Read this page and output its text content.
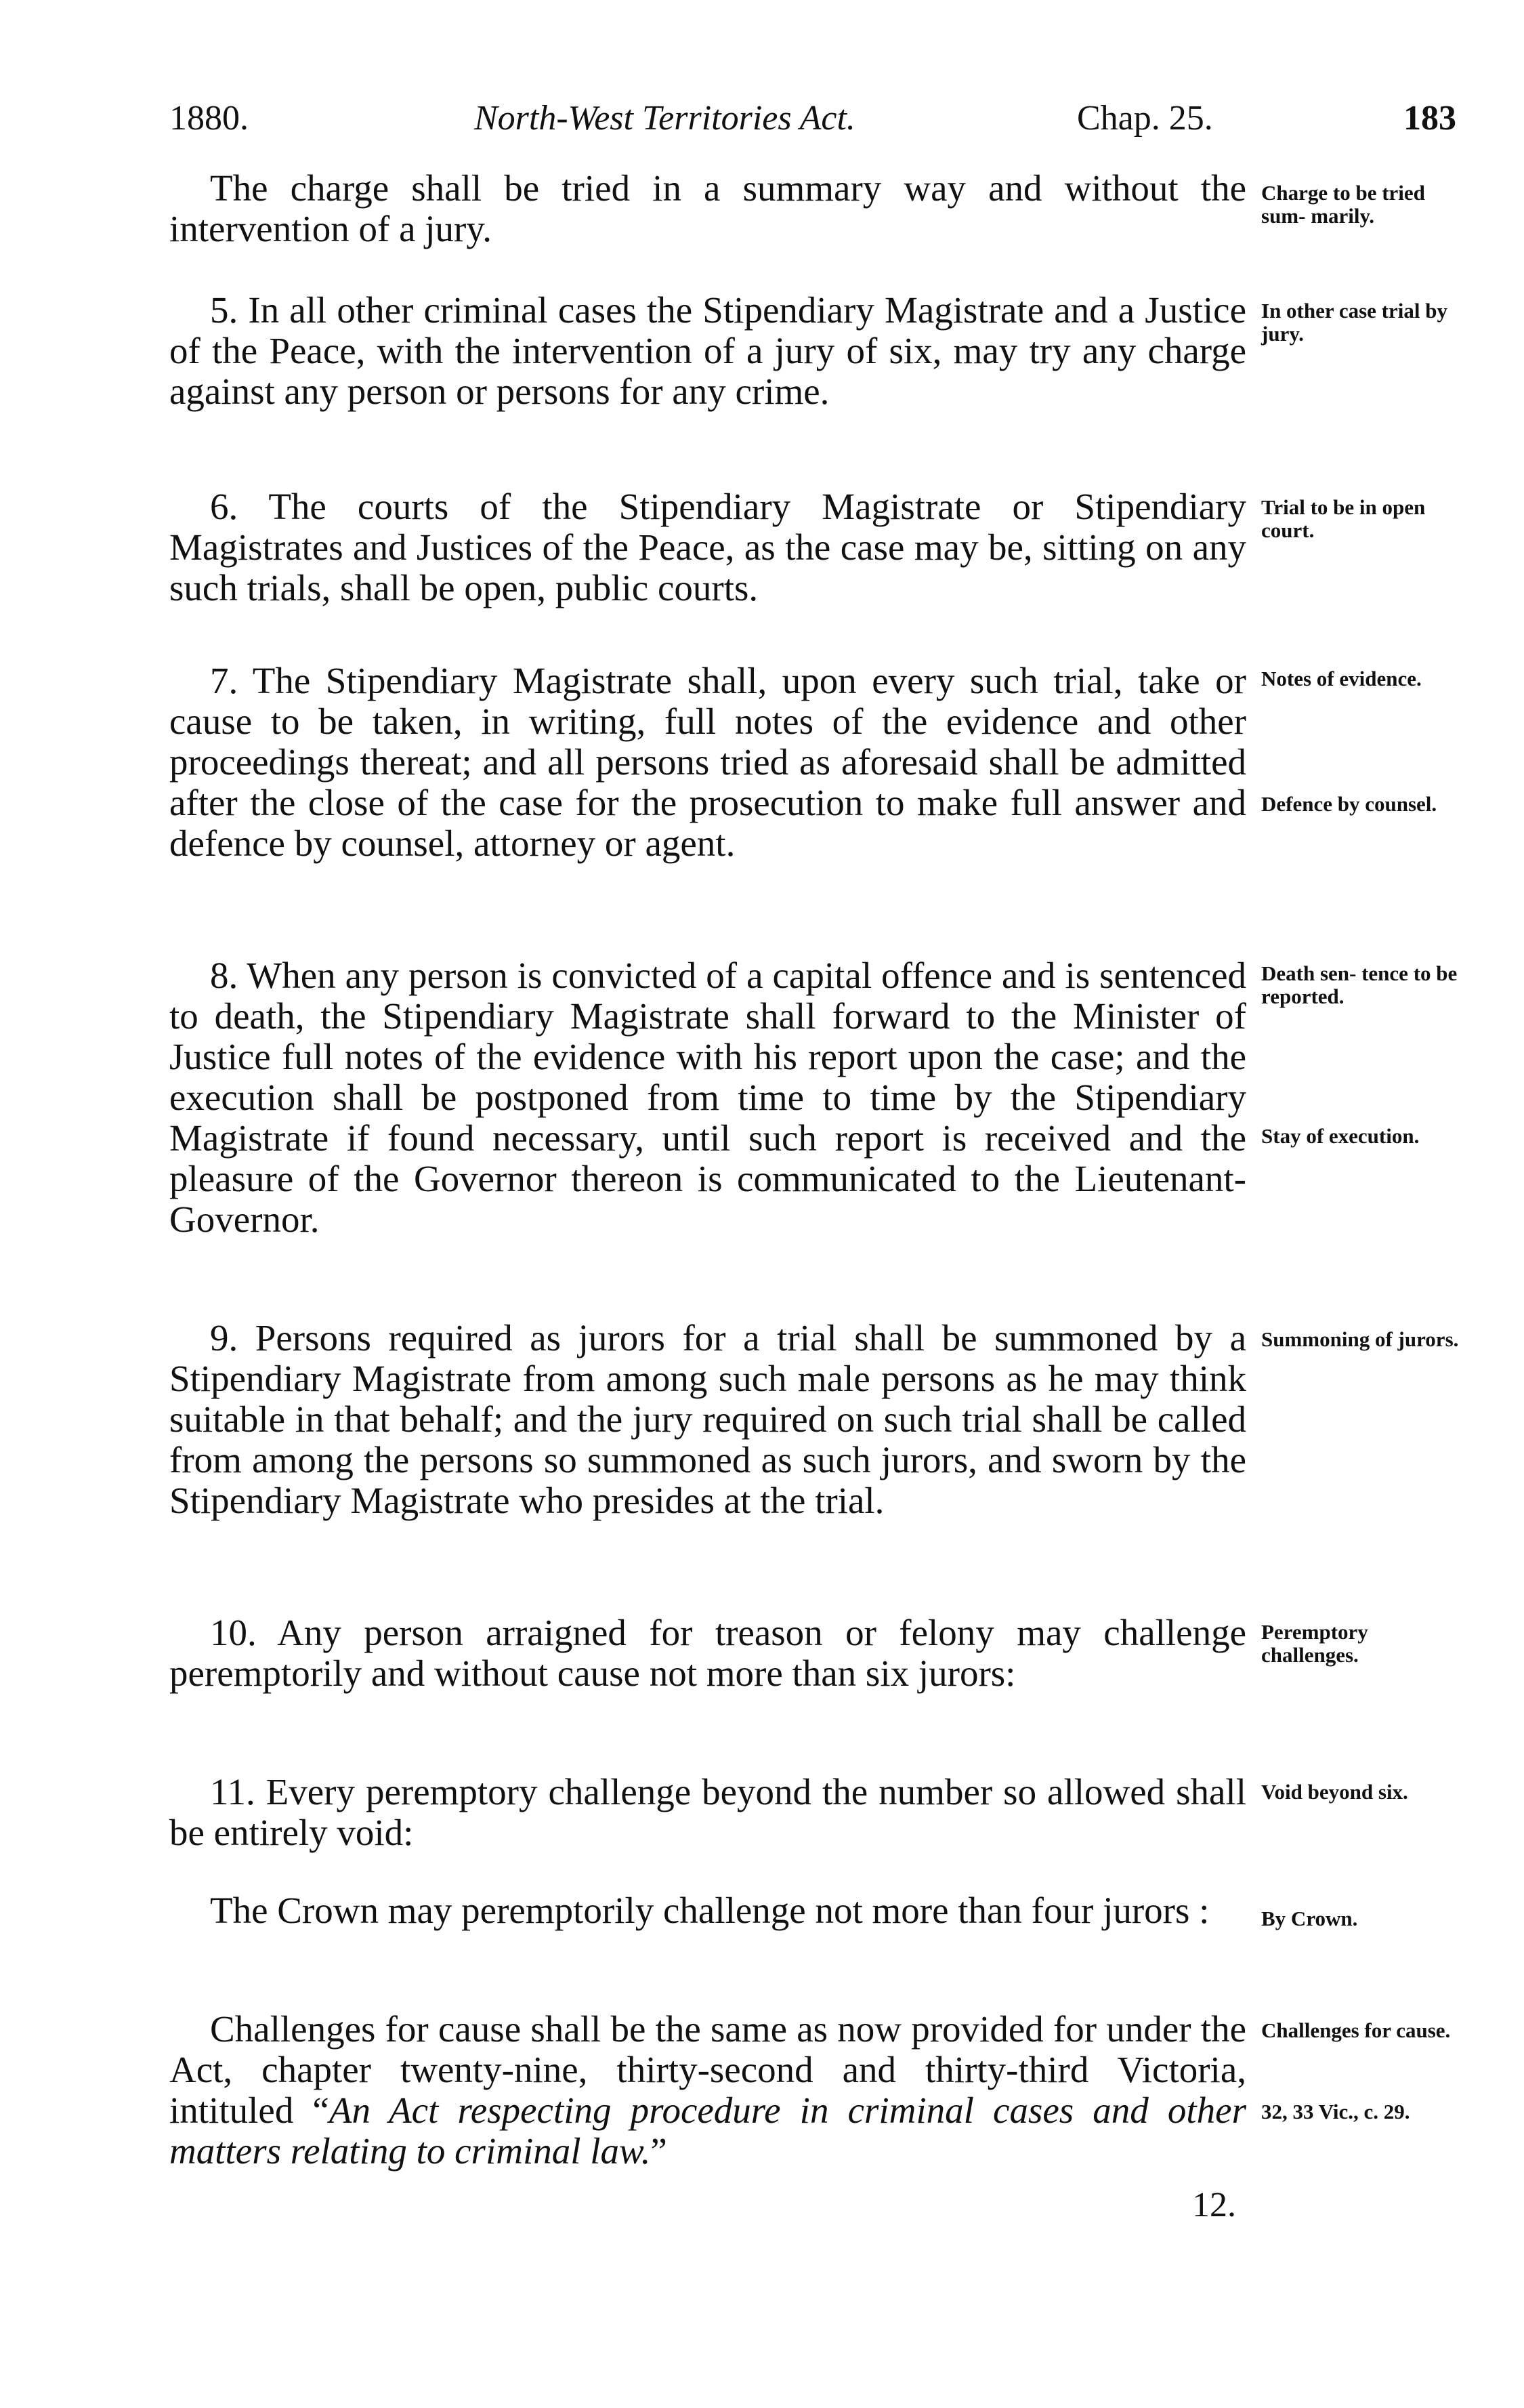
1880.	North-West Territories Act.	Chap. 25.	183

The charge shall be tried in a summary way and without the intervention of a jury.

Charge to be tried sum- marily.

5. In all other criminal cases the Stipendiary Magistrate and a Justice of the Peace, with the intervention of a jury of six, may try any charge against any person or persons for any crime.

In other case trial by jury.

6. The courts of the Stipendiary Magistrate or Stipendiary Magistrates and Justices of the Peace, as the case may be, sitting on any such trials, shall be open, public courts.

Trial to be in open court.

7. The Stipendiary Magistrate shall, upon every such trial, take or cause to be taken, in writing, full notes of the evidence and other proceedings thereat; and all persons tried as aforesaid shall be admitted after the close of the case for the prosecution to make full answer and defence by counsel, attorney or agent.

Notes of evidence.
Defence by counsel.

8. When any person is convicted of a capital offence and is sentenced to death, the Stipendiary Magistrate shall forward to the Minister of Justice full notes of the evidence with his report upon the case; and the execution shall be postponed from time to time by the Stipendiary Magistrate if found necessary, until such report is received and the pleasure of the Governor thereon is communicated to the Lieutenant-Governor.

Death sen- tence to be reported.
Stay of execution.

9. Persons required as jurors for a trial shall be summoned by a Stipendiary Magistrate from among such male persons as he may think suitable in that behalf; and the jury required on such trial shall be called from among the persons so summoned as such jurors, and sworn by the Stipendiary Magistrate who presides at the trial.

Summoning of jurors.

10. Any person arraigned for treason or felony may challenge peremptorily and without cause not more than six jurors:

Peremptory challenges.

11. Every peremptory challenge beyond the number so allowed shall be entirely void:

Void beyond six.

The Crown may peremptorily challenge not more than four jurors :	By Crown.

Challenges for cause shall be the same as now provided for under the Act, chapter twenty-nine, thirty-second and thirty-third Victoria, intituled “An Act respecting procedure in criminal cases and other matters relating to criminal law.”

Challenges for cause.
32, 33 Vic., c. 29.
12.
